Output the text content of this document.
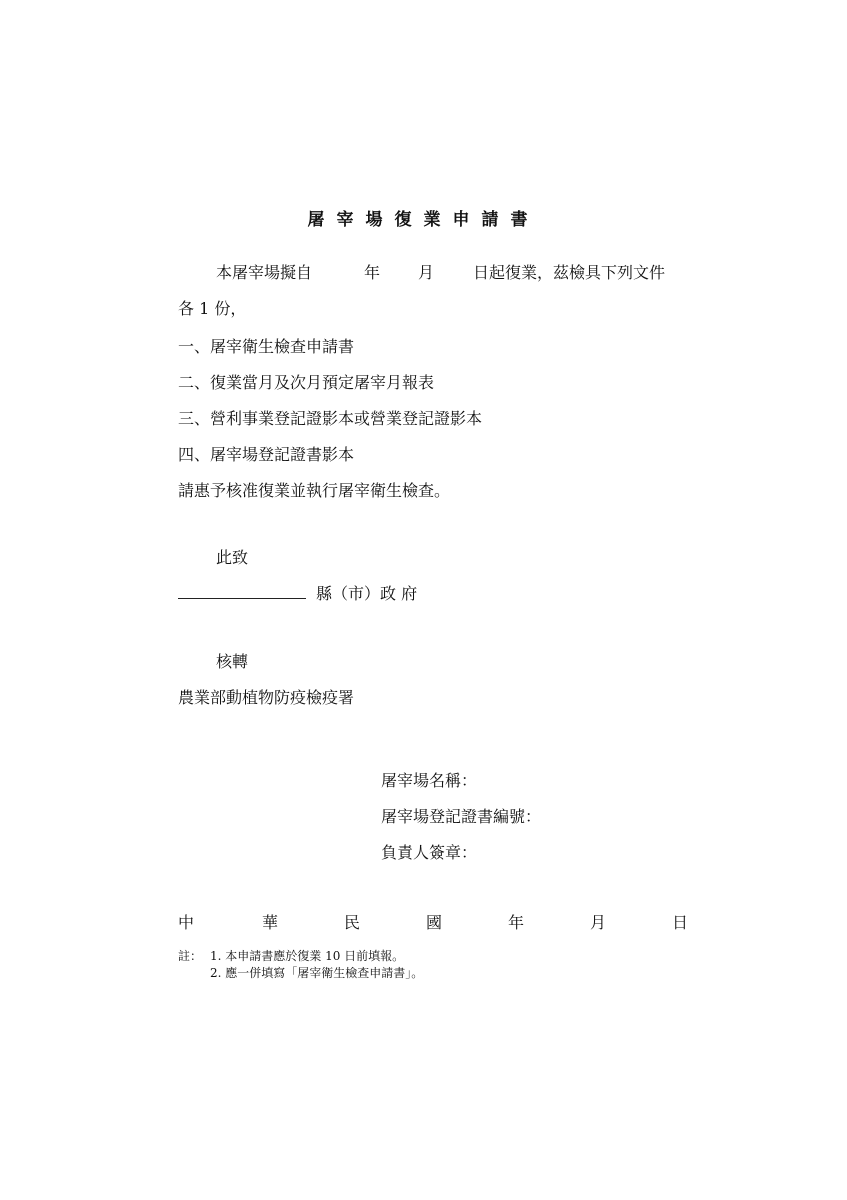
屠宰場復業申請書
本屠宰場擬自	年 月 日起復業，茲檢具下列文件
各 1 份，
一、屠宰衛生檢查申請書
二、復業當月及次月預定屠宰月報表
三、營利事業登記證影本或營業登記證影本
四、屠宰場登記證書影本
請惠予核准復業並執行屠宰衛生檢查。
此致
縣（市）政 府
核轉
農業部動植物防疫檢疫署
屠宰場名稱：
屠宰場登記證書編號：
負責人簽章：
中	華	民	國	年	月	日
註： 1. 本申請書應於復業 10 日前填報。
2. 應一併填寫「屠宰衛生檢查申請書」。
